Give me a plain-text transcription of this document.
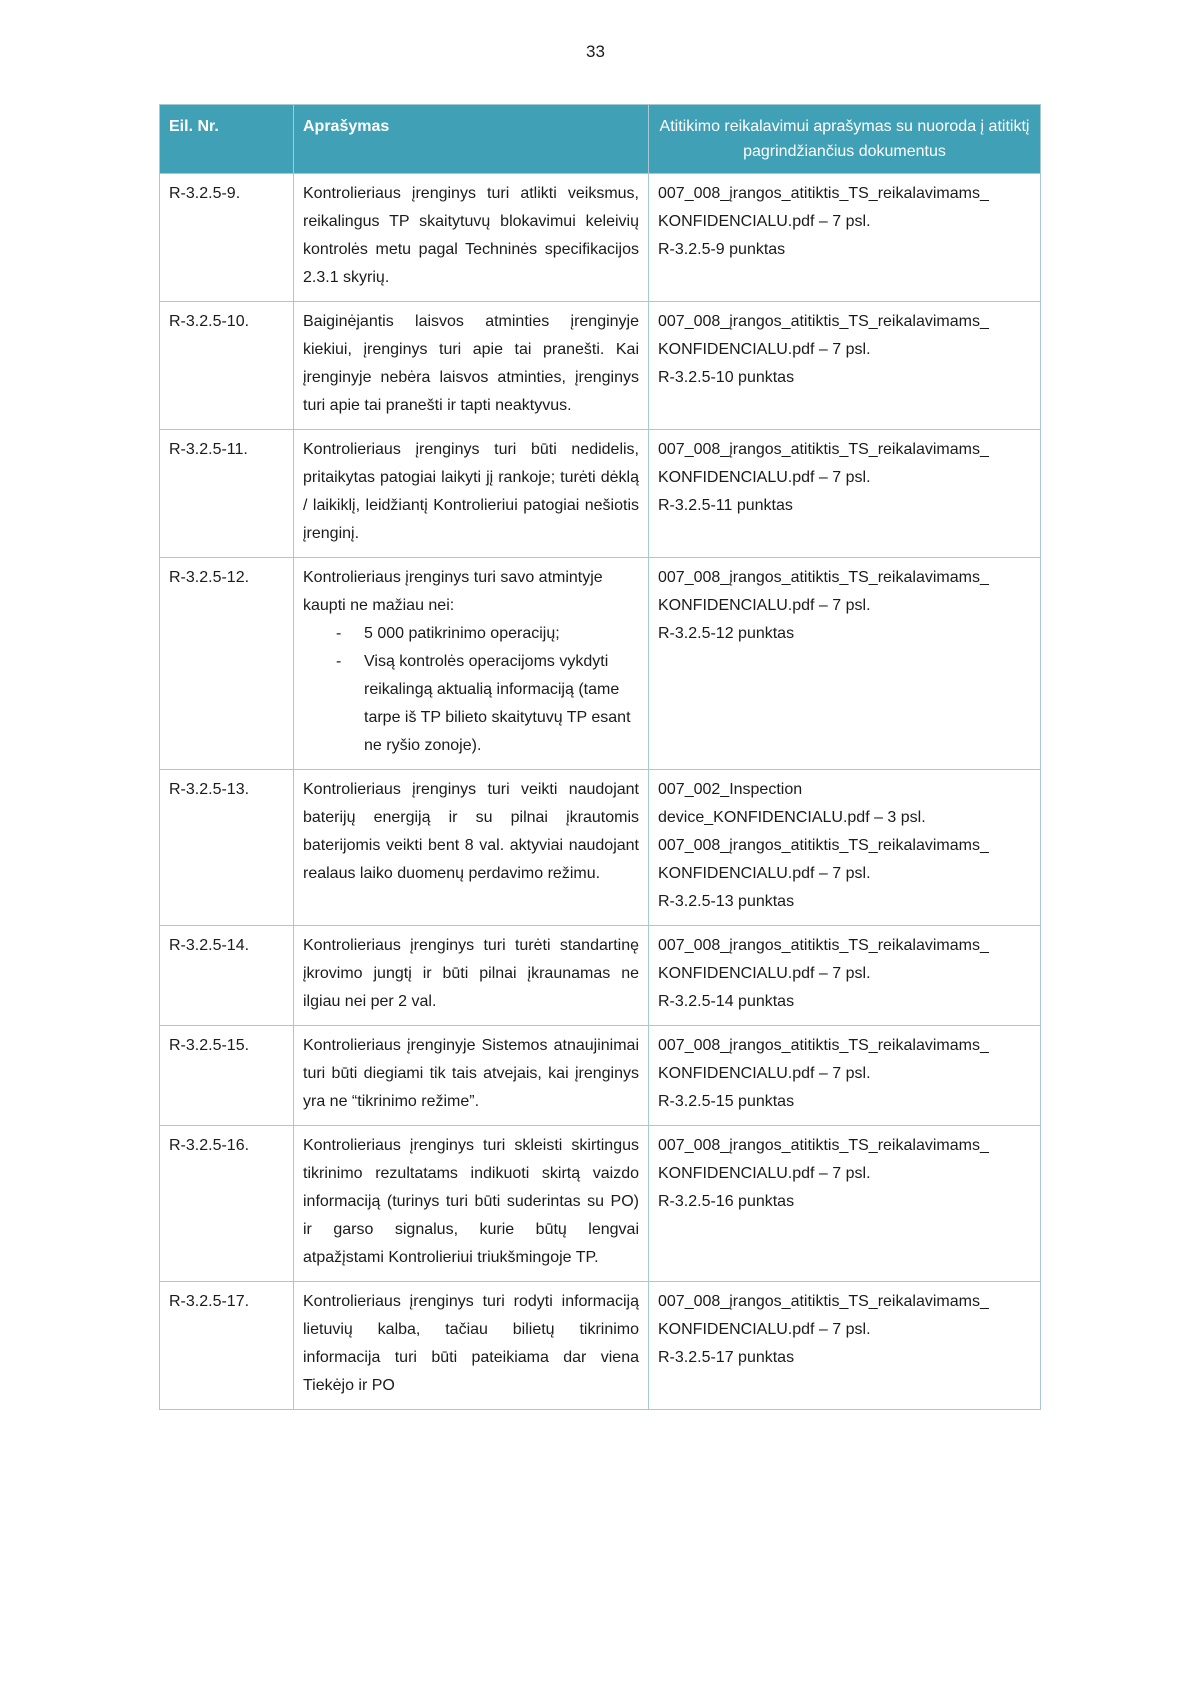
33
Eil. Nr.	Aprašymas	Atitikimo reikalavimui aprašymas su nuoroda į atitiktį pagrindžiančius dokumentus
R-3.2.5-9.	Kontrolieriaus įrenginys turi atlikti veiksmus, reikalingus TP skaitytuvų blokavimui keleivių kontrolės metu pagal Techninės specifikacijos 2.3.1 skyrių.	007_008_įrangos_atitiktis_TS_reikalavimams_
KONFIDENCIALU.pdf – 7 psl.
R-3.2.5-9 punktas

R-3.2.5-10.	Baiginėjantis laisvos atminties įrenginyje kiekiui, įrenginys turi apie tai pranešti. Kai įrenginyje nebėra laisvos atminties, įrenginys turi apie tai pranešti ir tapti neaktyvus.	007_008_įrangos_atitiktis_TS_reikalavimams_
KONFIDENCIALU.pdf – 7 psl.
R-3.2.5-10 punktas

R-3.2.5-11.	Kontrolieriaus įrenginys turi būti nedidelis, pritaikytas patogiai laikyti jį rankoje; turėti dėklą / laikiklį, leidžiantį Kontrolieriui patogiai nešiotis įrenginį.	007_008_įrangos_atitiktis_TS_reikalavimams_
KONFIDENCIALU.pdf – 7 psl.
R-3.2.5-11 punktas

R-3.2.5-12.	Kontrolieriaus įrenginys turi savo atmintyje kaupti ne mažiau nei:
-	5 000 patikrinimo operacijų;
-	Visą kontrolės operacijoms vykdyti reikalingą aktualią informaciją (tame tarpe iš TP bilieto skaitytuvų TP esant ne ryšio zonoje).

007_008_įrangos_atitiktis_TS_reikalavimams_
KONFIDENCIALU.pdf – 7 psl.
R-3.2.5-12 punktas

R-3.2.5-13.	Kontrolieriaus įrenginys turi veikti naudojant baterijų energiją ir su pilnai įkrautomis baterijomis veikti bent 8 val. aktyviai naudojant realaus laiko duomenų perdavimo režimu.	007_002_Inspection
device_KONFIDENCIALU.pdf – 3 psl.
007_008_įrangos_atitiktis_TS_reikalavimams_
KONFIDENCIALU.pdf – 7 psl.
R-3.2.5-13 punktas

R-3.2.5-14.	Kontrolieriaus įrenginys turi turėti standartinę įkrovimo jungtį ir būti pilnai įkraunamas ne ilgiau nei per 2 val.	007_008_įrangos_atitiktis_TS_reikalavimams_
KONFIDENCIALU.pdf – 7 psl.
R-3.2.5-14 punktas

R-3.2.5-15.	Kontrolieriaus įrenginyje Sistemos atnaujinimai turi būti diegiami tik tais atvejais, kai įrenginys yra ne “tikrinimo režime”.	007_008_įrangos_atitiktis_TS_reikalavimams_
KONFIDENCIALU.pdf – 7 psl.
R-3.2.5-15 punktas

R-3.2.5-16.	Kontrolieriaus įrenginys turi skleisti skirtingus tikrinimo rezultatams indikuoti skirtą vaizdo informaciją (turinys turi būti suderintas su PO) ir garso signalus, kurie būtų lengvai atpažįstami Kontrolieriui triukšmingoje TP.

007_008_įrangos_atitiktis_TS_reikalavimams_
KONFIDENCIALU.pdf – 7 psl.
R-3.2.5-16 punktas

R-3.2.5-17.	Kontrolieriaus įrenginys turi rodyti informaciją lietuvių kalba, tačiau bilietų tikrinimo informacija turi būti pateikiama dar viena Tiekėjo ir PO	007_008_įrangos_atitiktis_TS_reikalavimams_
KONFIDENCIALU.pdf – 7 psl.
R-3.2.5-17 punktas
